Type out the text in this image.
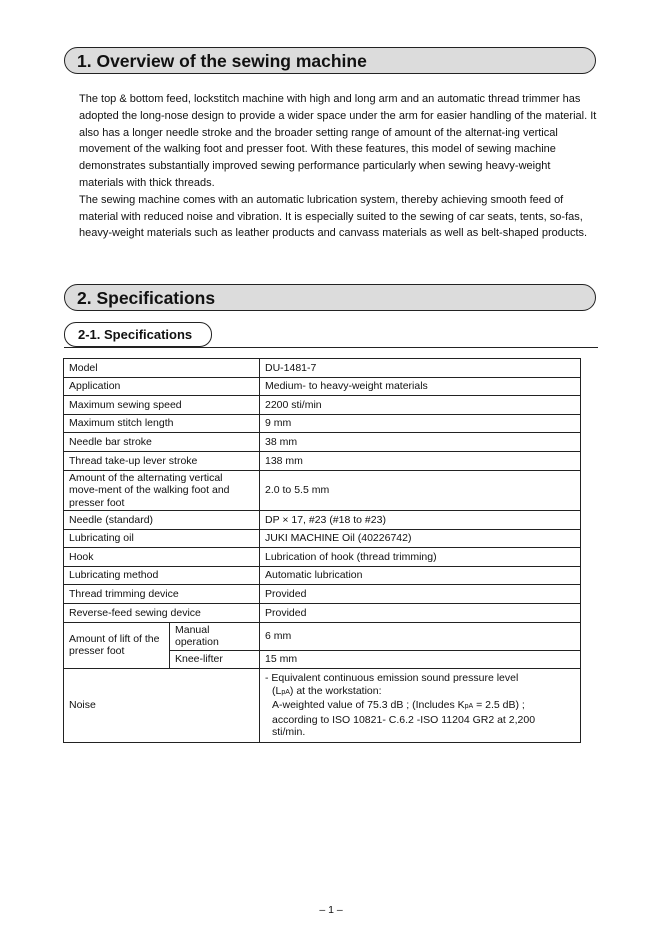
1. Overview of the sewing machine

The top & bottom feed, lockstitch machine with high and long arm and an automatic thread trimmer has adopted the long-nose design to provide a wider space under the arm for easier handling of the material. It also has a longer needle stroke and the broader setting range of amount of the alternat-ing vertical movement of the walking foot and presser foot. With these features, this model of sewing machine demonstrates substantially improved sewing performance particularly when sewing heavy-weight materials with thick threads.

The sewing machine comes with an automatic lubrication system, thereby achieving smooth feed of material with reduced noise and vibration. It is especially suited to the sewing of car seats, tents, so-fas, heavy-weight materials such as leather products and canvass materials as well as belt-shaped products.

2. Specifications
2-1. Specifications
Model		DU-1481-7
Application		Medium- to heavy-weight materials
Maximum sewing speed		2200 sti/min
Maximum stitch length		9 mm
Needle bar stroke		38 mm
Thread take-up lever stroke		138 mm
Amount of the alternating vertical move-ment of the walking foot and presser foot		2.0 to 5.5 mm
Needle (standard)		DP × 17, #23 (#18 to #23)
Lubricating oil		JUKI MACHINE Oil (40226742)
Hook		Lubrication of hook (thread trimming)
Lubricating method		Automatic lubrication
Thread trimming device		Provided
Reverse-feed sewing device		Provided
Amount of lift of the presser foot	Manual operation	6 mm
	Knee-lifter	15 mm
Noise		- Equivalent continuous emission sound pressure level
(LpA) at the workstation:
A-weighted value of 75.3 dB ; (Includes KpA = 2.5 dB) ;
according to ISO 10821- C.6.2 -ISO 11204 GR2 at 2,200
sti/min.
– 1 –
